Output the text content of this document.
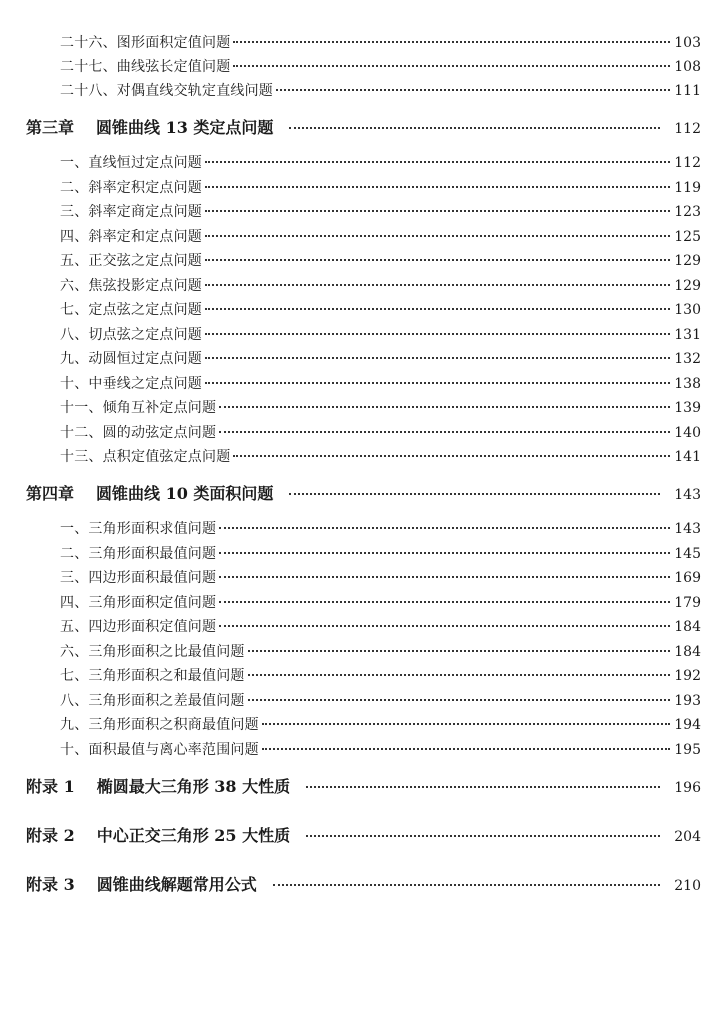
二十六、图形面积定值问题	103
二十七、曲线弦长定值问题	108
二十八、对偶直线交轨定直线问题	111
第三章 圆锥曲线 13 类定点问题	112
一、直线恒过定点问题	112
二、斜率定积定点问题	119
三、斜率定商定点问题	123
四、斜率定和定点问题	125
五、正交弦之定点问题	129
六、焦弦投影定点问题	129
七、定点弦之定点问题	130
八、切点弦之定点问题	131
九、动圆恒过定点问题	132
十、中垂线之定点问题	138
十一、倾角互补定点问题	139
十二、圆的动弦定点问题	140
十三、点积定值弦定点问题	141
第四章 圆锥曲线 10 类面积问题	143
一、三角形面积求值问题	143
二、三角形面积最值问题	145
三、四边形面积最值问题	169
四、三角形面积定值问题	179
五、四边形面积定值问题	184
六、三角形面积之比最值问题	184
七、三角形面积之和最值问题	192
八、三角形面积之差最值问题	193
九、三角形面积之积商最值问题	194
十、面积最值与离心率范围问题	195
附录 1 椭圆最大三角形 38 大性质	196
附录 2 中心正交三角形 25 大性质	204
附录 3 圆锥曲线解题常用公式	210
